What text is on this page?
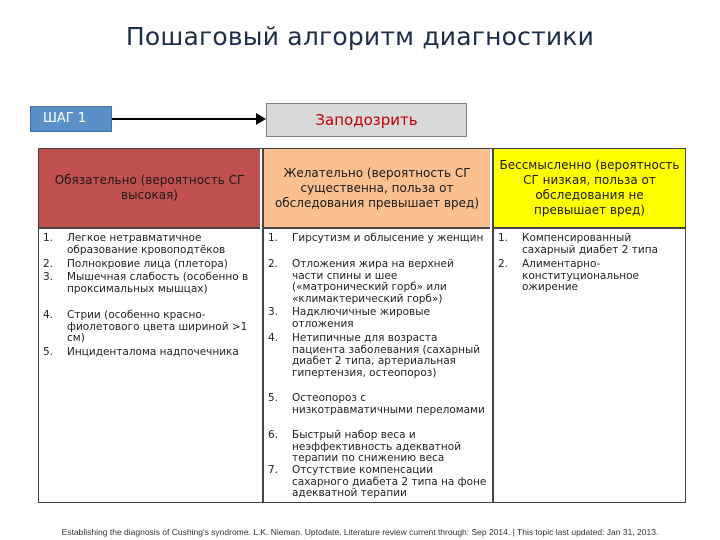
Пошаговый алгоритм диагностики
ШАГ 1	Заподозрить
Обязательно (вероятность СГ высокая)
1.	Легкое нетравматичное образование кровоподтёков
2.	Полнокровие лица (плетора)
3.	Мышечная слабость (особенно в проксимальных мышцах)
4.	Стрии (особенно красно-фиолетового цвета шириной >1 см)
5.	Инциденталома надпочечника
Желательно (вероятность СГ существенна, польза от обследования превышает вред)
1.	Гирсутизм и облысение у женщин
2.	Отложения жира на верхней части спины и шее («матронический горб» или «климактерический горб»)
3.	Надключичные жировые отложения
4.	Нетипичные для возраста пациента заболевания (сахарный диабет 2 типа, артериальная гипертензия, остеопороз)
5.	Остеопороз с низкотравматичными переломами
6.	Быстрый набор веса и неэффективность адекватной терапии по снижению веса
7.	Отсутствие компенсации сахарного диабета 2 типа на фоне адекватной терапии
Бессмысленно (вероятность СГ низкая, польза от обследования не превышает вред)
1.	Компенсированный сахарный диабет 2 типа
2.	Алиментарно-конституциональное ожирение
Establishing the diagnosis of Cushing's syndrome. L.K. Nieman. Uptodate. Literature review current through: Sep 2014. | This topic last updated: Jan 31, 2013.
